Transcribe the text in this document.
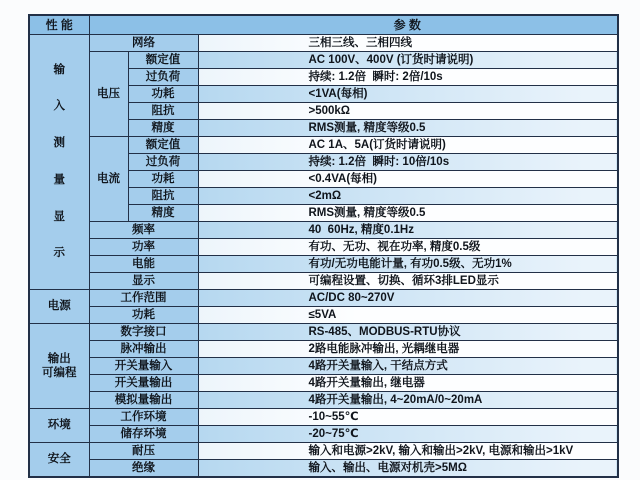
性 能	参 数		

输
入
测
量
显
示
	网络	三相三线、三相四线
	电压	额定值	AC 100V、400V (订货时请说明)
		过负荷	持续: 1.2倍  瞬时: 2倍/10s
		功耗	<1VA(每相)
		阻抗	>500kΩ
		精度	RMS测量, 精度等级0.5
	电流	额定值	AC 1A、5A(订货时请说明)
		过负荷	持续: 1.2倍  瞬时: 10倍/10s
		功耗	<0.4VA(每相)
		阻抗	<2mΩ
		精度	RMS测量, 精度等级0.5
	频率		40  60Hz, 精度0.1Hz
	功率		有功、无功、视在功率, 精度0.5级
	电能		有功/无功电能计量, 有功0.5级、无功1%
	显示		可编程设置、切换、循环3排LED显示
电源	工作范围		AC/DC 80~270V
	功耗		≤5VA

输出
可编程	数字接口		RS-485、MODBUS-RTU协议
	脉冲输出		2路电能脉冲输出, 光耦继电器
	开关量输入		4路开关量输入, 干结点方式
	开关量输出		4路开关量输出, 继电器
	模拟量输出		4路开关量输出, 4~20mA/0~20mA
环境	工作环境		-10~55℃
	储存环境		-20~75℃
安全	耐压		输入和电源>2kV, 输入和输出>2kV, 电源和输出>1kV
	绝缘		输入、输出、电源对机壳>5MΩ
